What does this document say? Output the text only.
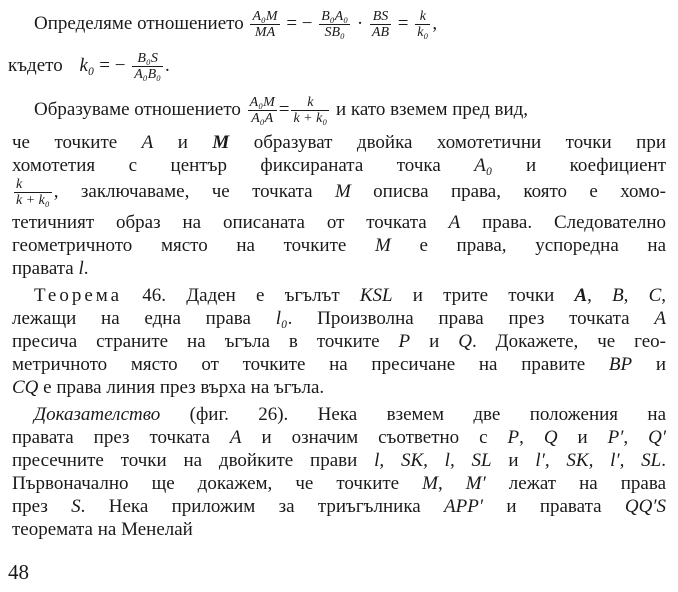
Определяме отношението $\frac{\text{A₀M}}{MA}$ = − $\frac{\text{B₀A₀}}{\text{SB₀}} \cdot \frac{BS}{AB} = \frac{k}{\text{k₀}}$ ,
където k₀ = − $\frac{\text{B₀S}}{\text{A₀B₀}}$ .
Образуваме отношението $\frac{\text{A₀M}}{\text{A₀A}} = \frac{k}{\text{k + k₀}}$ и като вземем пред вид,
че точките A и M образуват двойка хомотетични точки при
хомотетия с център фиксираната точка A₀ и коефициент
$\frac{k}{\text{k + k₀}}$ , заключаваме, че точката M описва права, която е хомо-
тетичният образ на описаната от точката A права. Следователно
геометричното място на точките M е права, успоредна на
правата l.
Теорема 46. Даден е ъгълът KSL и трите точки A, B, C,
лежащи на една права l₀. Произволна права през точката A
пресича страните на ъгъла в точките P и Q. Докажете, че гео-
метричното място от точките на пресичане на правите BP и
CQ е права линия през върха на ъгъла.
Доказателство (фиг. 26). Нека вземем две положения на
правата през точката A и означим съответно с P, Q и P′, Q′
пресечните точки на двойките прави l, SK, l, SL и l′, SK, l′, SL.
Първоначално ще докажем, че точките M, M′ лежат на права
през S. Нека приложим за триъгълника APP′ и правата QQ′S
теоремата на Менелай
48
